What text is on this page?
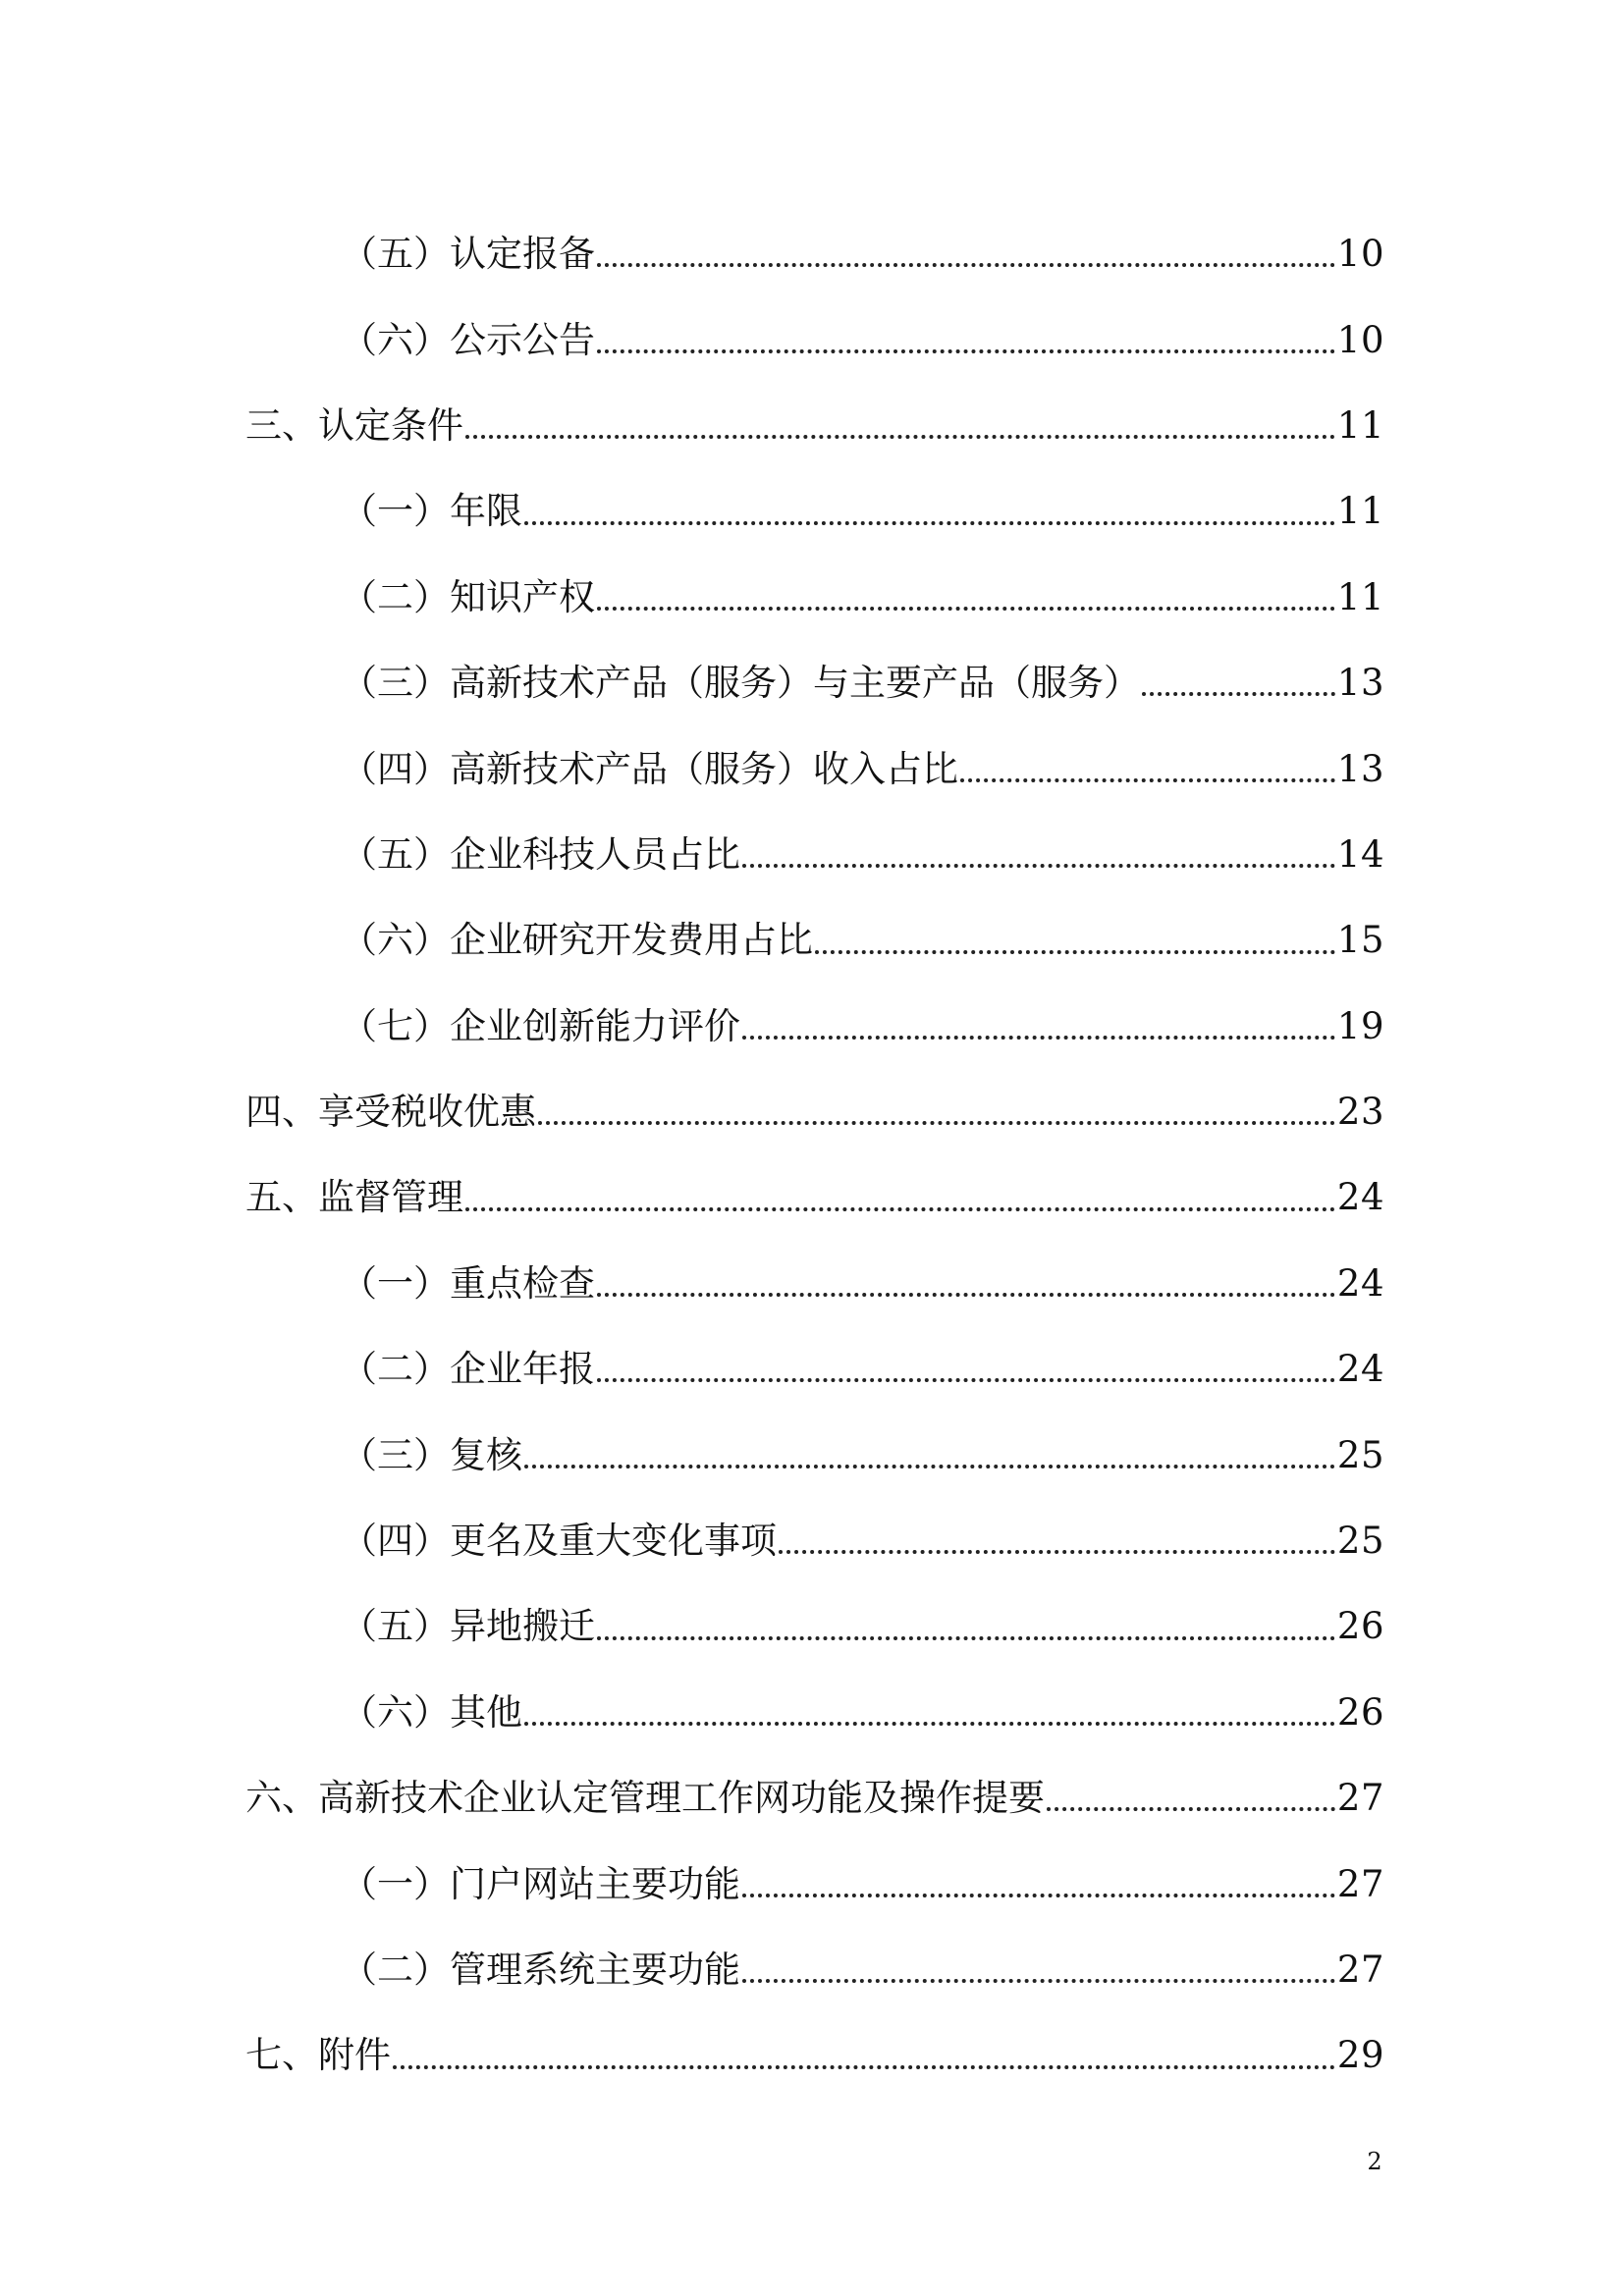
（五）认定报备	10
（六）公示公告	10
三、认定条件	11
（一）年限	11
（二）知识产权	11
（三）高新技术产品（服务）与主要产品（服务）	13
（四）高新技术产品（服务）收入占比	13
（五）企业科技人员占比	14
（六）企业研究开发费用占比	15
（七）企业创新能力评价	19
四、享受税收优惠	23
五、监督管理	24
（一）重点检查	24
（二）企业年报	24
（三）复核	25
（四）更名及重大变化事项	25
（五）异地搬迁	26
（六）其他	26
六、高新技术企业认定管理工作网功能及操作提要	27
（一）门户网站主要功能	27
（二）管理系统主要功能	27
七、附件	29
2
